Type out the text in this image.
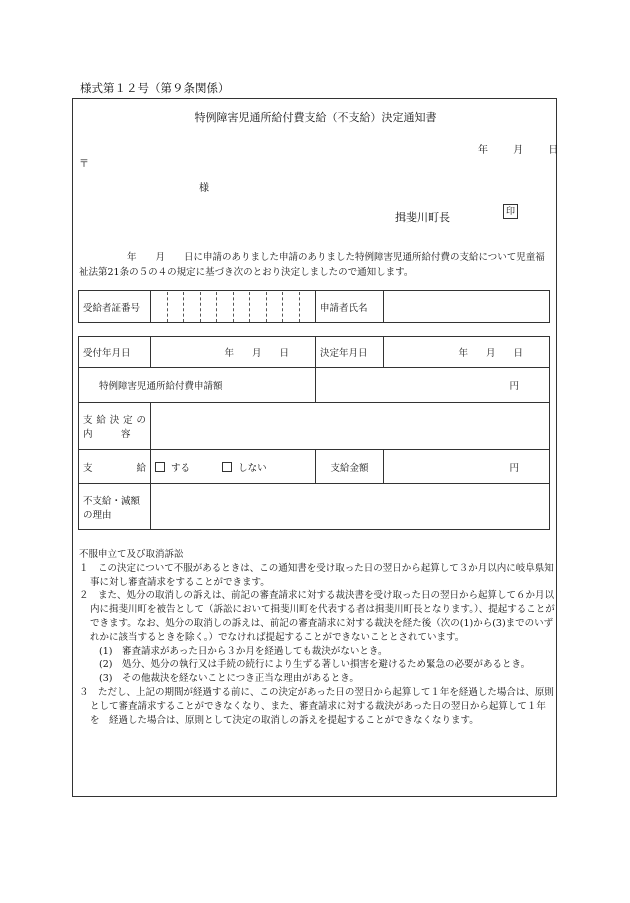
様式第１２号（第９条関係）
特例障害児通所給付費支給（不支給）決定通知書
年	月	日
〒
様
揖斐川町長	印
年　　月　　日に申請のありました申請のありました特例障害児通所給付費の支給について児童福祉法第21条の５の４の規定に基づき次のとおり決定しましたので通知します。
受給者証番号		申請者氏名	
受付年月日	年 月 日	決定年月日	年 月 日
特例障害児通所給付費申請額		円	

支給決定の
内　　　容			

支　　　給	する しない	支給金額	円

不支給・減額
の理由			

不服申立て及び取消訴訟

１　この決定について不服があるときは、この通知書を受け取った日の翌日から起算して３か月以内に岐阜県知事に対し審査請求をすることができます。

２　また、処分の取消しの訴えは、前記の審査請求に対する裁決書を受け取った日の翌日から起算して６か月以内に揖斐川町を被告として（訴訟において揖斐川町を代表する者は揖斐川町長となります。）、提起することができます。なお、処分の取消しの訴えは、前記の審査請求に対する裁決を経た後（次の(1)から(3)までのいずれかに該当するときを除く。）でなければ提起することができないこととされています。

(1)　審査請求があった日から３か月を経過しても裁決がないとき。

(2)　処分、処分の執行又は手続の続行により生ずる著しい損害を避けるため緊急の必要があるとき。

(3)　その他裁決を経ないことにつき正当な理由があるとき。

３　ただし、上記の期間が経過する前に、この決定があった日の翌日から起算して１年を経過した場合は、原則　として審査請求することができなくなり、また、審査請求に対する裁決があった日の翌日から起算して１年を　経過した場合は、原則として決定の取消しの訴えを提起することができなくなります。
